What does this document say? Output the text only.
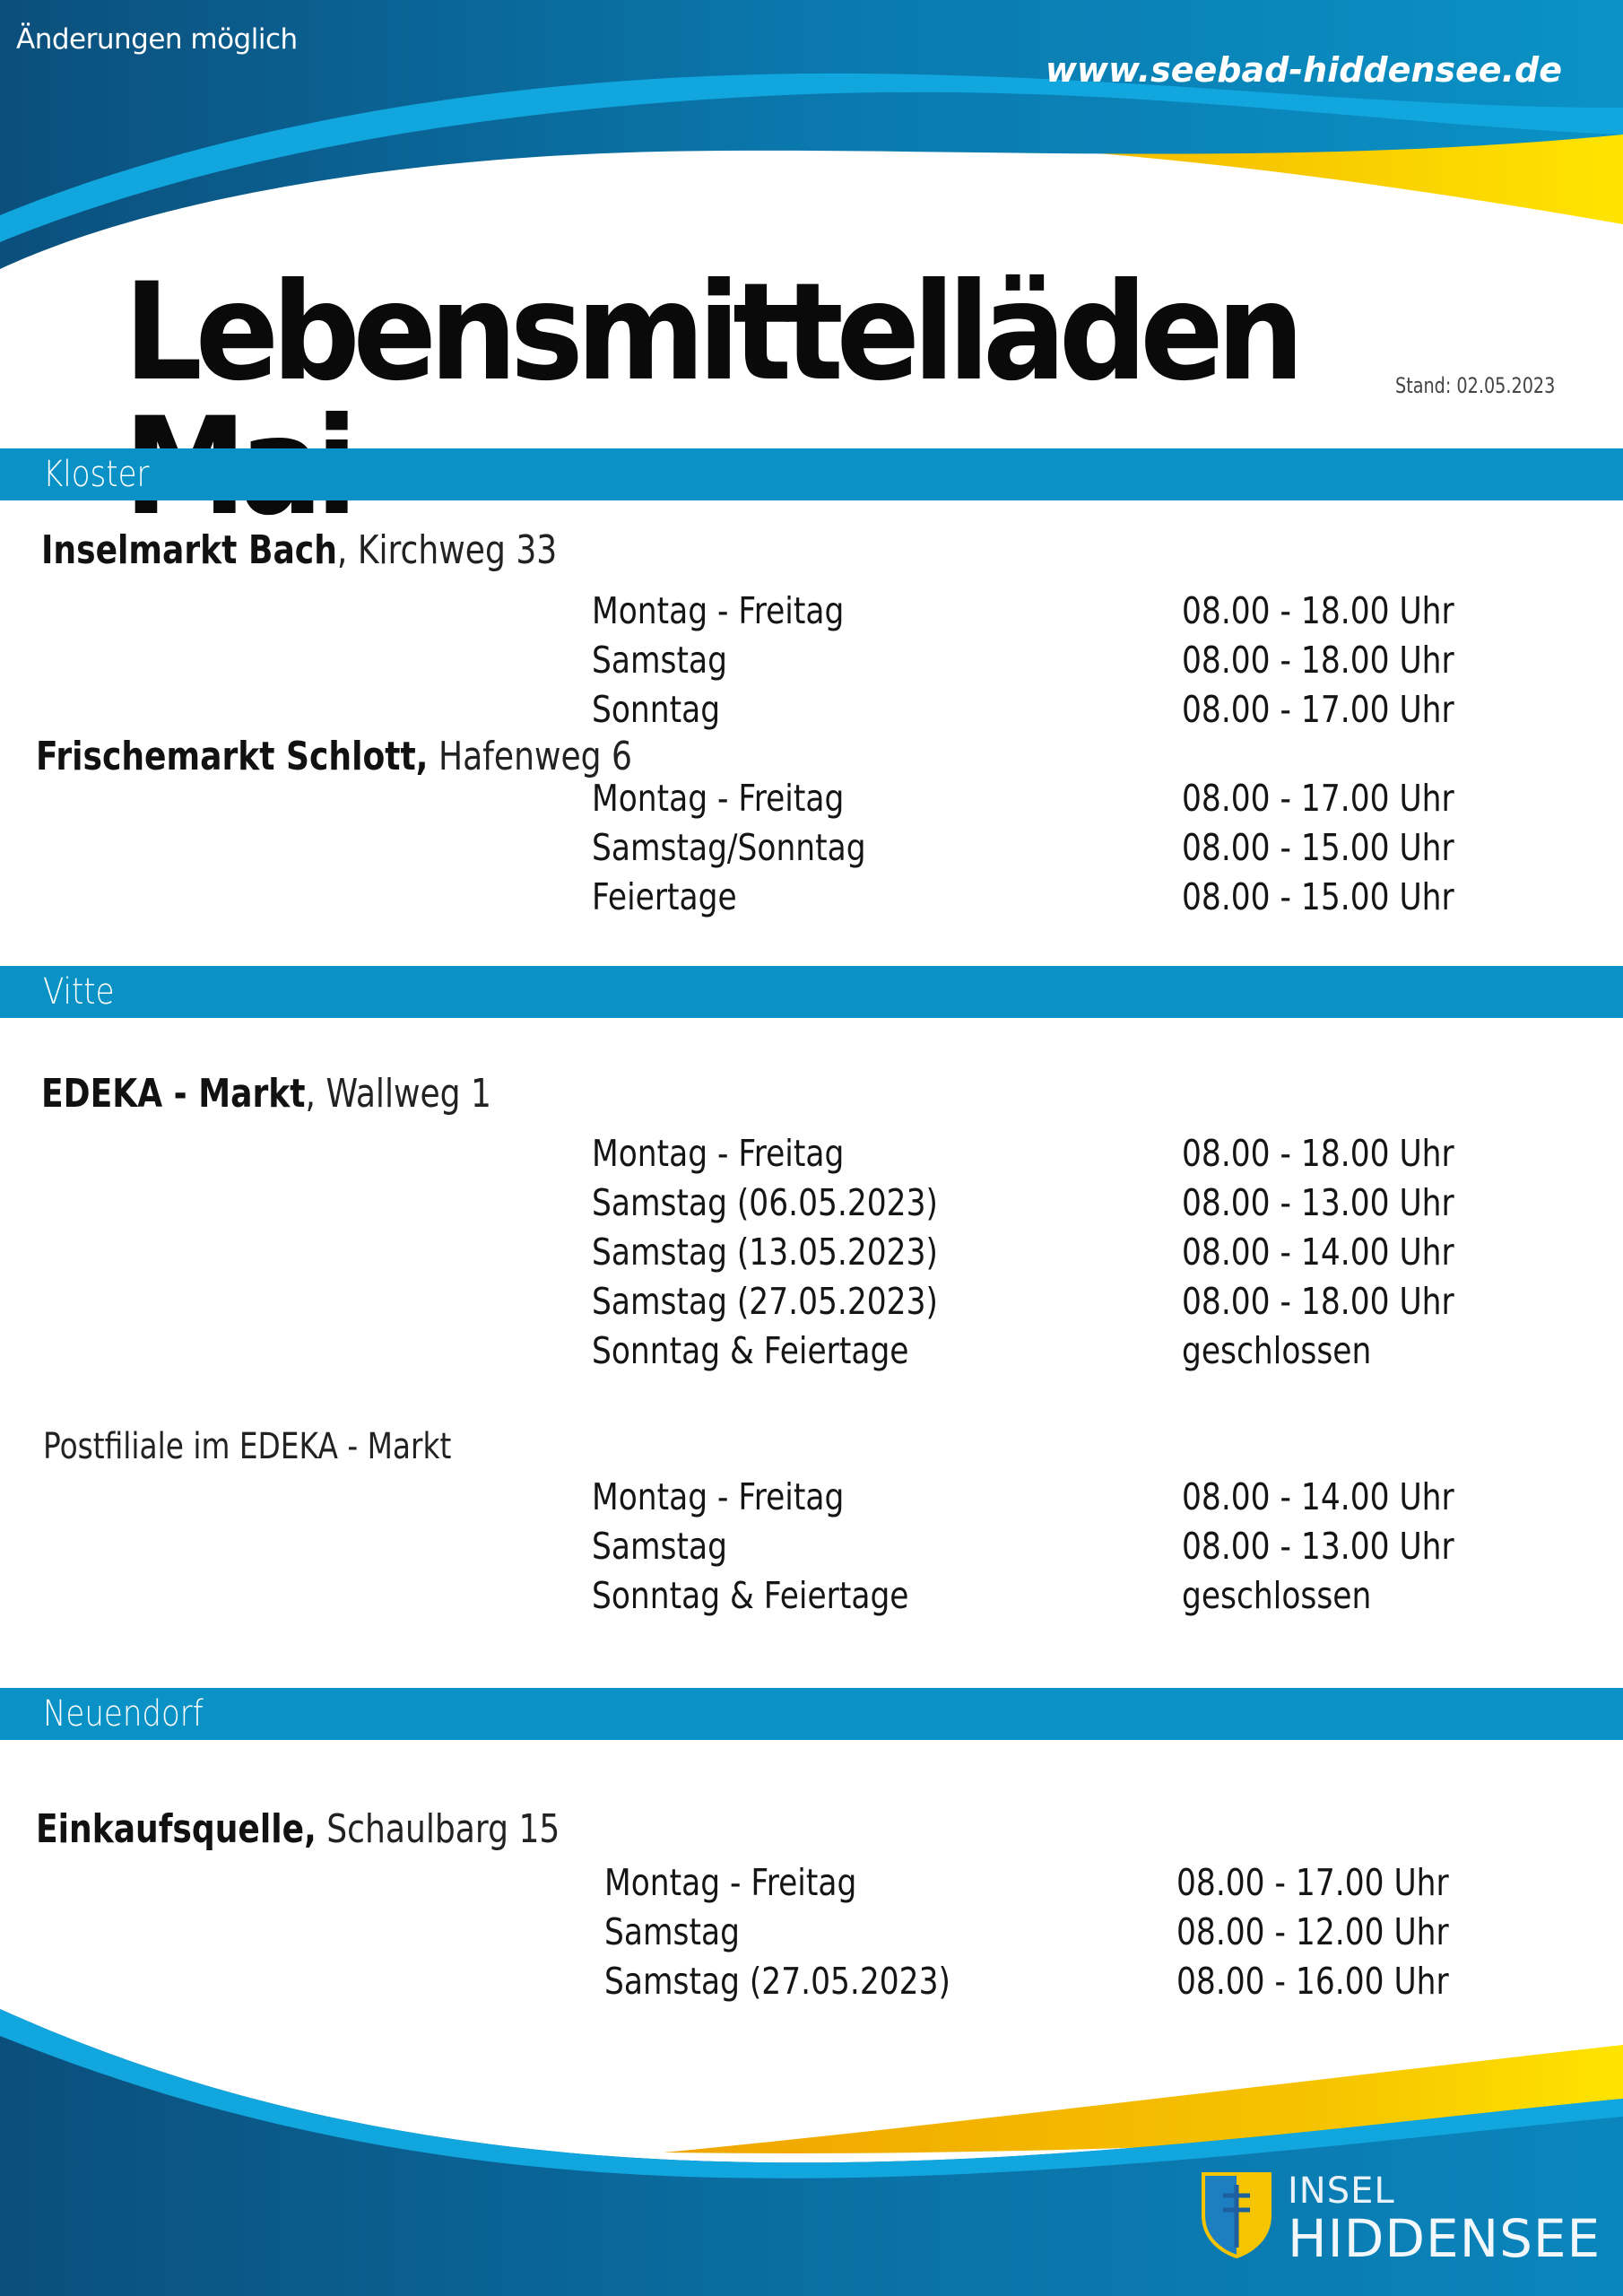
Änderungen möglich
www.seebad-hiddensee.de
Lebensmittelläden	Stand: 02.05.2023
Kloster
Inselmarkt Bach, Kirchweg 33
Montag - Freitag	08.00 - 18.00 Uhr
Samstag	08.00 - 18.00 Uhr
Sonntag	08.00 - 17.00 Uhr
Frischemarkt Schlott, Hafenweg 6
Montag - Freitag	08.00 - 17.00 Uhr
Samstag/Sonntag	08.00 - 15.00 Uhr
Feiertage	08.00 - 15.00 Uhr
Vitte
EDEKA - Markt, Wallweg 1
Montag - Freitag	08.00 - 18.00 Uhr
Samstag (06.05.2023)	08.00 - 13.00 Uhr
Samstag (13.05.2023)	08.00 - 14.00 Uhr
Samstag (27.05.2023)	08.00 - 18.00 Uhr
Sonntag & Feiertage	geschlossen
Postfiliale im EDEKA - Markt
Montag - Freitag	08.00 - 14.00 Uhr
Samstag	08.00 - 13.00 Uhr
Sonntag & Feiertage	geschlossen
Neuendorf
Einkaufsquelle, Schaulbarg 15
Montag - Freitag	08.00 - 17.00 Uhr
Samstag	08.00 - 12.00 Uhr
Samstag (27.05.2023)	08.00 - 16.00 Uhr
INSEL
HIDDENSEE
